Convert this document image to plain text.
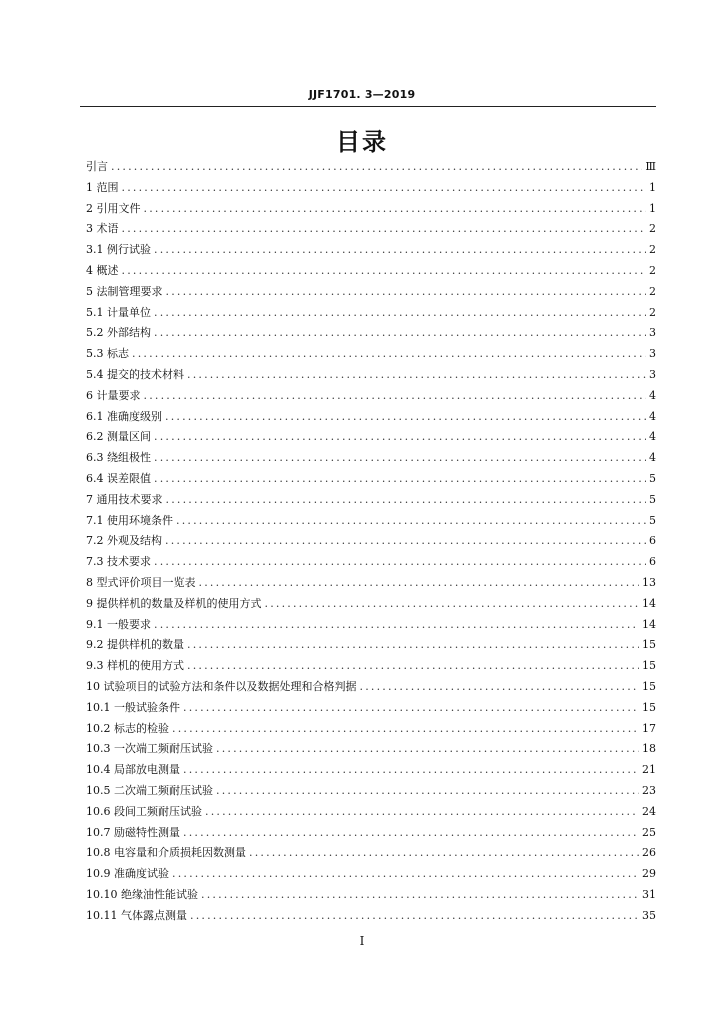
JJF1701. 3—2019
目录
引言 .....	Ⅲ
1 范围 .....	1
2 引用文件 .....	1
3 术语 .....	2
3.1 例行试验 .....	2
4 概述 .....	2
5 法制管理要求 .....	2
5.1 计量单位 .....	2
5.2 外部结构 .....	3
5.3 标志 .....	3
5.4 提交的技术材料 .....	3
6 计量要求 .....	4
6.1 准确度级别 .....	4
6.2 测量区间 .....	4
6.3 绕组极性 .....	4
6.4 误差限值 .....	5
7 通用技术要求 .....	5
7.1 使用环境条件 .....	5
7.2 外观及结构 .....	6
7.3 技术要求 .....	6
8 型式评价项目一览表 .....	13
9 提供样机的数量及样机的使用方式 .....	14
9.1 一般要求 .....	14
9.2 提供样机的数量 .....	15
9.3 样机的使用方式 .....	15
10 试验项目的试验方法和条件以及数据处理和合格判据 .....	15
10.1 一般试验条件 .....	15
10.2 标志的检验 .....	17
10.3 一次端工频耐压试验 .....	18
10.4 局部放电测量 .....	21
10.5 二次端工频耐压试验 .....	23
10.6 段间工频耐压试验 .....	24
10.7 励磁特性测量 .....	25
10.8 电容量和介质损耗因数测量 .....	26
10.9 准确度试验 .....	29
10.10 绝缘油性能试验 .....	31
10.11 气体露点测量 .....	35
I
